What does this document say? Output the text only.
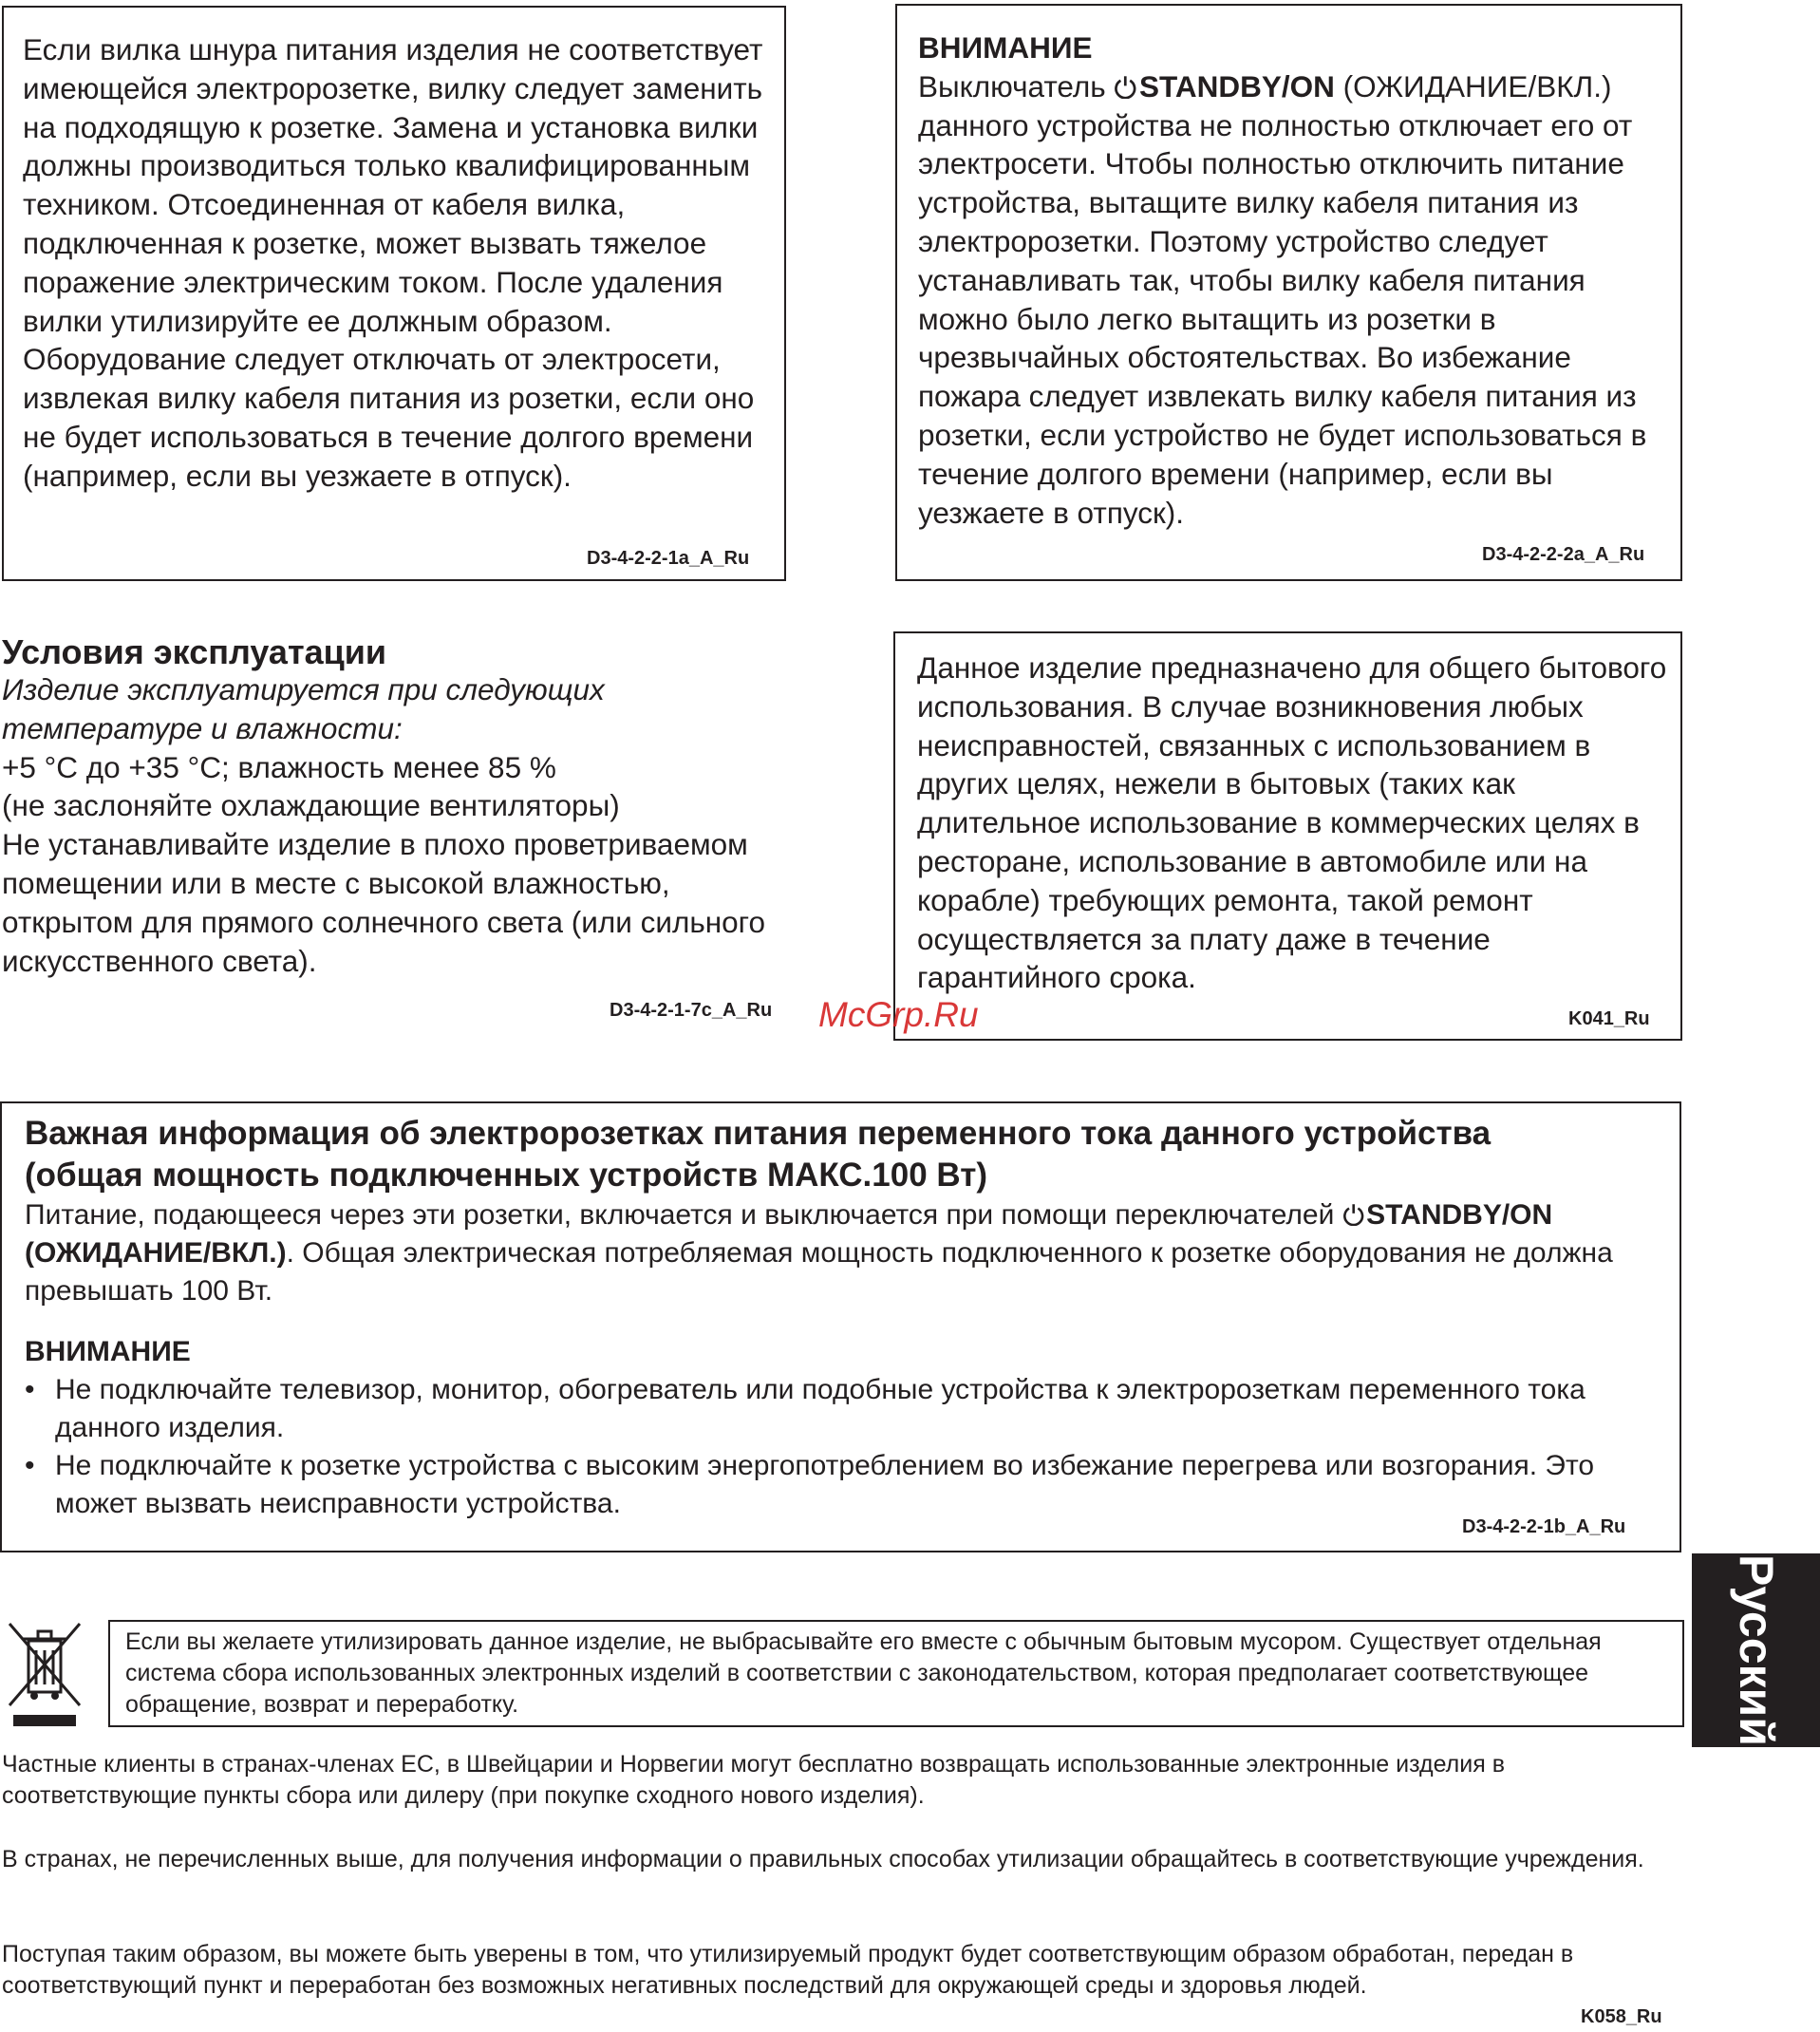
Если вилка шнура питания изделия не соответствует имеющейся электророзетке, вилку следует заменить на подходящую к розетке. Замена и установка вилки должны производиться только квалифицированным техником. Отсоединенная от кабеля вилка, подключенная к розетке, может вызвать тяжелое поражение электрическим током. После удаления вилки утилизируйте ее должным образом. Оборудование следует отключать от электросети, извлекая вилку кабеля питания из розетки, если оно не будет использоваться в течение долгого времени (например, если вы уезжаете в отпуск).

D3-4-2-2-1a_A_Ru

ВНИМАНИЕ

Выключатель
STANDBY/ON (ОЖИДАНИЕ/ВКЛ.) данного устройства не полностью отключает его от электросети. Чтобы полностью отключить питание устройства, вытащите вилку кабеля питания из электророзетки. Поэтому устройство следует устанавливать так, чтобы вилку кабеля питания можно было легко вытащить из розетки в чрезвычайных обстоятельствах. Во избежание пожара следует извлекать вилку кабеля питания из розетки, если устройство не будет использоваться в течение долгого времени (например, если вы уезжаете в отпуск).

D3-4-2-2-2a_A_Ru
Условия эксплуатации

Изделие эксплуатируется при следующих температуре и влажности:

+5 °C до +35 °C; влажность менее 85 %

(не заслоняйте охлаждающие вентиляторы)

Не устанавливайте изделие в плохо проветриваемом помещении или в месте с высокой влажностью, открытом для прямого солнечного света (или сильного искусственного света).

D3-4-2-1-7c_A_Ru

Данное изделие предназначено для общего бытового использования. В случае возникновения любых неисправностей, связанных с использованием в других целях, нежели в бытовых (таких как длительное использование в коммерческих целях в ресторане, использование в автомобиле или на корабле) требующих ремонта, такой ремонт осуществляется за плату даже в течение гарантийного срока.

K041_Ru
McGrp.Ru
Важная информация об электророзетках питания переменного тока данного устройства
(общая мощность подключенных устройств МАКС.100 Вт)
Питание, подающееся через эти розетки, включается и выключается при помощи переключателей
STANDBY/ON (ОЖИДАНИЕ/ВКЛ.). Общая электрическая потребляемая мощность подключенного к розетке оборудования не должна превышать 100 Вт.
ВНИМАНИЕ
• Не подключайте телевизор, монитор, обогреватель или подобные устройства к электророзеткам переменного тока данного изделия.
• Не подключайте к розетке устройства с высоким энергопотреблением во избежание перегрева или возгорания. Это может вызвать неисправности устройства.
D3-4-2-2-1b_A_Ru
Русский
Если вы желаете утилизировать данное изделие, не выбрасывайте его вместе с обычным бытовым мусором. Существует отдельная система сбора использованных электронных изделий в соответствии с законодательством, которая предполагает соответствующее обращение, возврат и переработку.
Частные клиенты в странах-членах ЕС, в Швейцарии и Норвегии могут бесплатно возвращать использованные электронные изделия в соответствующие пункты сбора или дилеру (при покупке сходного нового изделия).
В странах, не перечисленных выше, для получения информации о правильных способах утилизации обращайтесь в соответствующие учреждения.
Поступая таким образом, вы можете быть уверены в том, что утилизируемый продукт будет соответствующим образом обработан, передан в соответствующий пункт и переработан без возможных негативных последствий для окружающей среды и здоровья людей.
K058_Ru
